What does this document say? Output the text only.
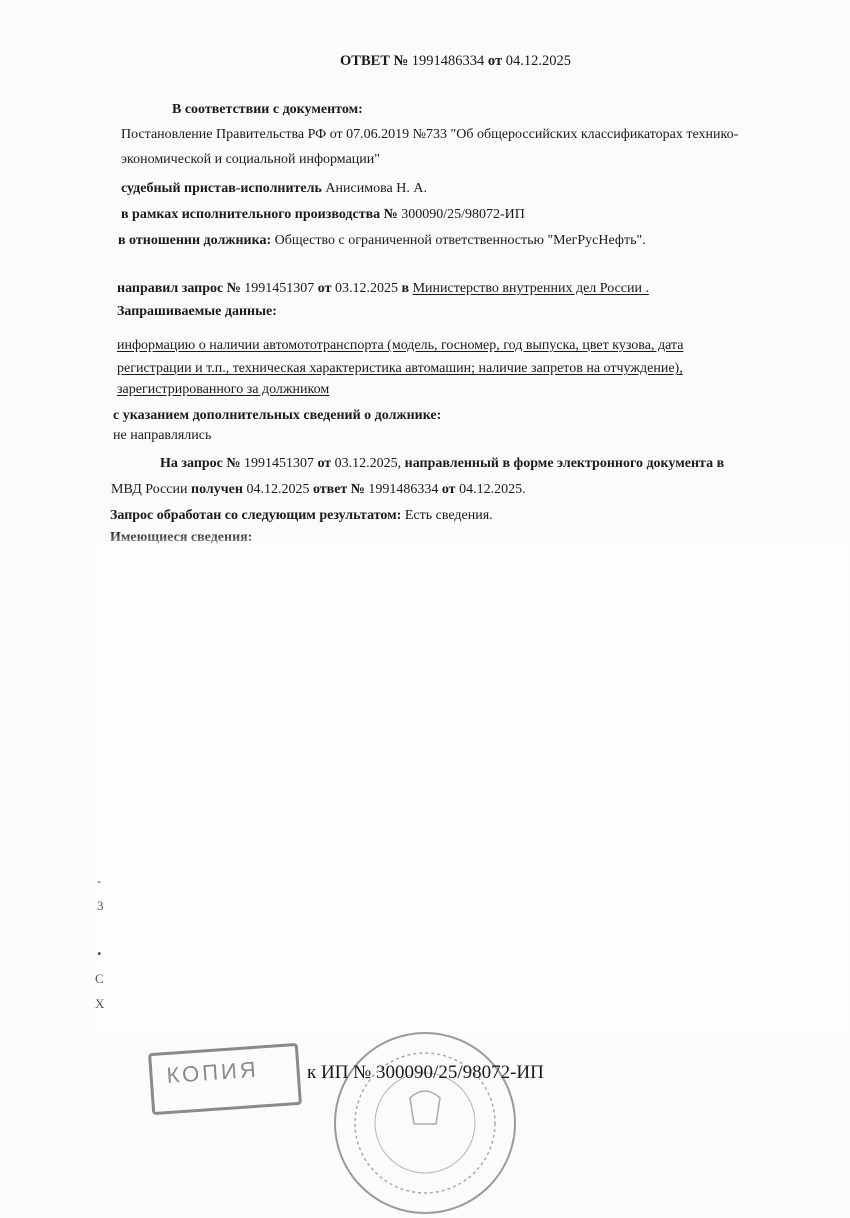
ОТВЕТ № 1991486334 от 04.12.2025
В соответствии с документом:
Постановление Правительства РФ от 07.06.2019 №733 "Об общероссийских классификаторах технико-
экономической и социальной информации"
судебный пристав-исполнитель Анисимова Н. А.
в рамках исполнительного производства № 300090/25/98072-ИП
в отношении должника: Общество с ограниченной ответственностью "МегРусНефть".
направил запрос № 1991451307 от 03.12.2025 в Министерство внутренних дел России .
Запрашиваемые данные:
информацию о наличии автомототранспорта (модель, госномер, год выпуска, цвет кузова, дата
регистрации и т.п., техническая характеристика автомашин; наличие запретов на отчуждение),
зарегистрированного за должником
с указанием дополнительных сведений о должнике:
не направлялись
На запрос № 1991451307 от 03.12.2025, направленный в форме электронного документа в
МВД России получен 04.12.2025 ответ № 1991486334 от 04.12.2025.
Запрос обработан со следующим результатом: Есть сведения.
Имеющиеся сведения:
-
3
•
С
Х
КОПИЯ	к ИП № 300090/25/98072-ИП
